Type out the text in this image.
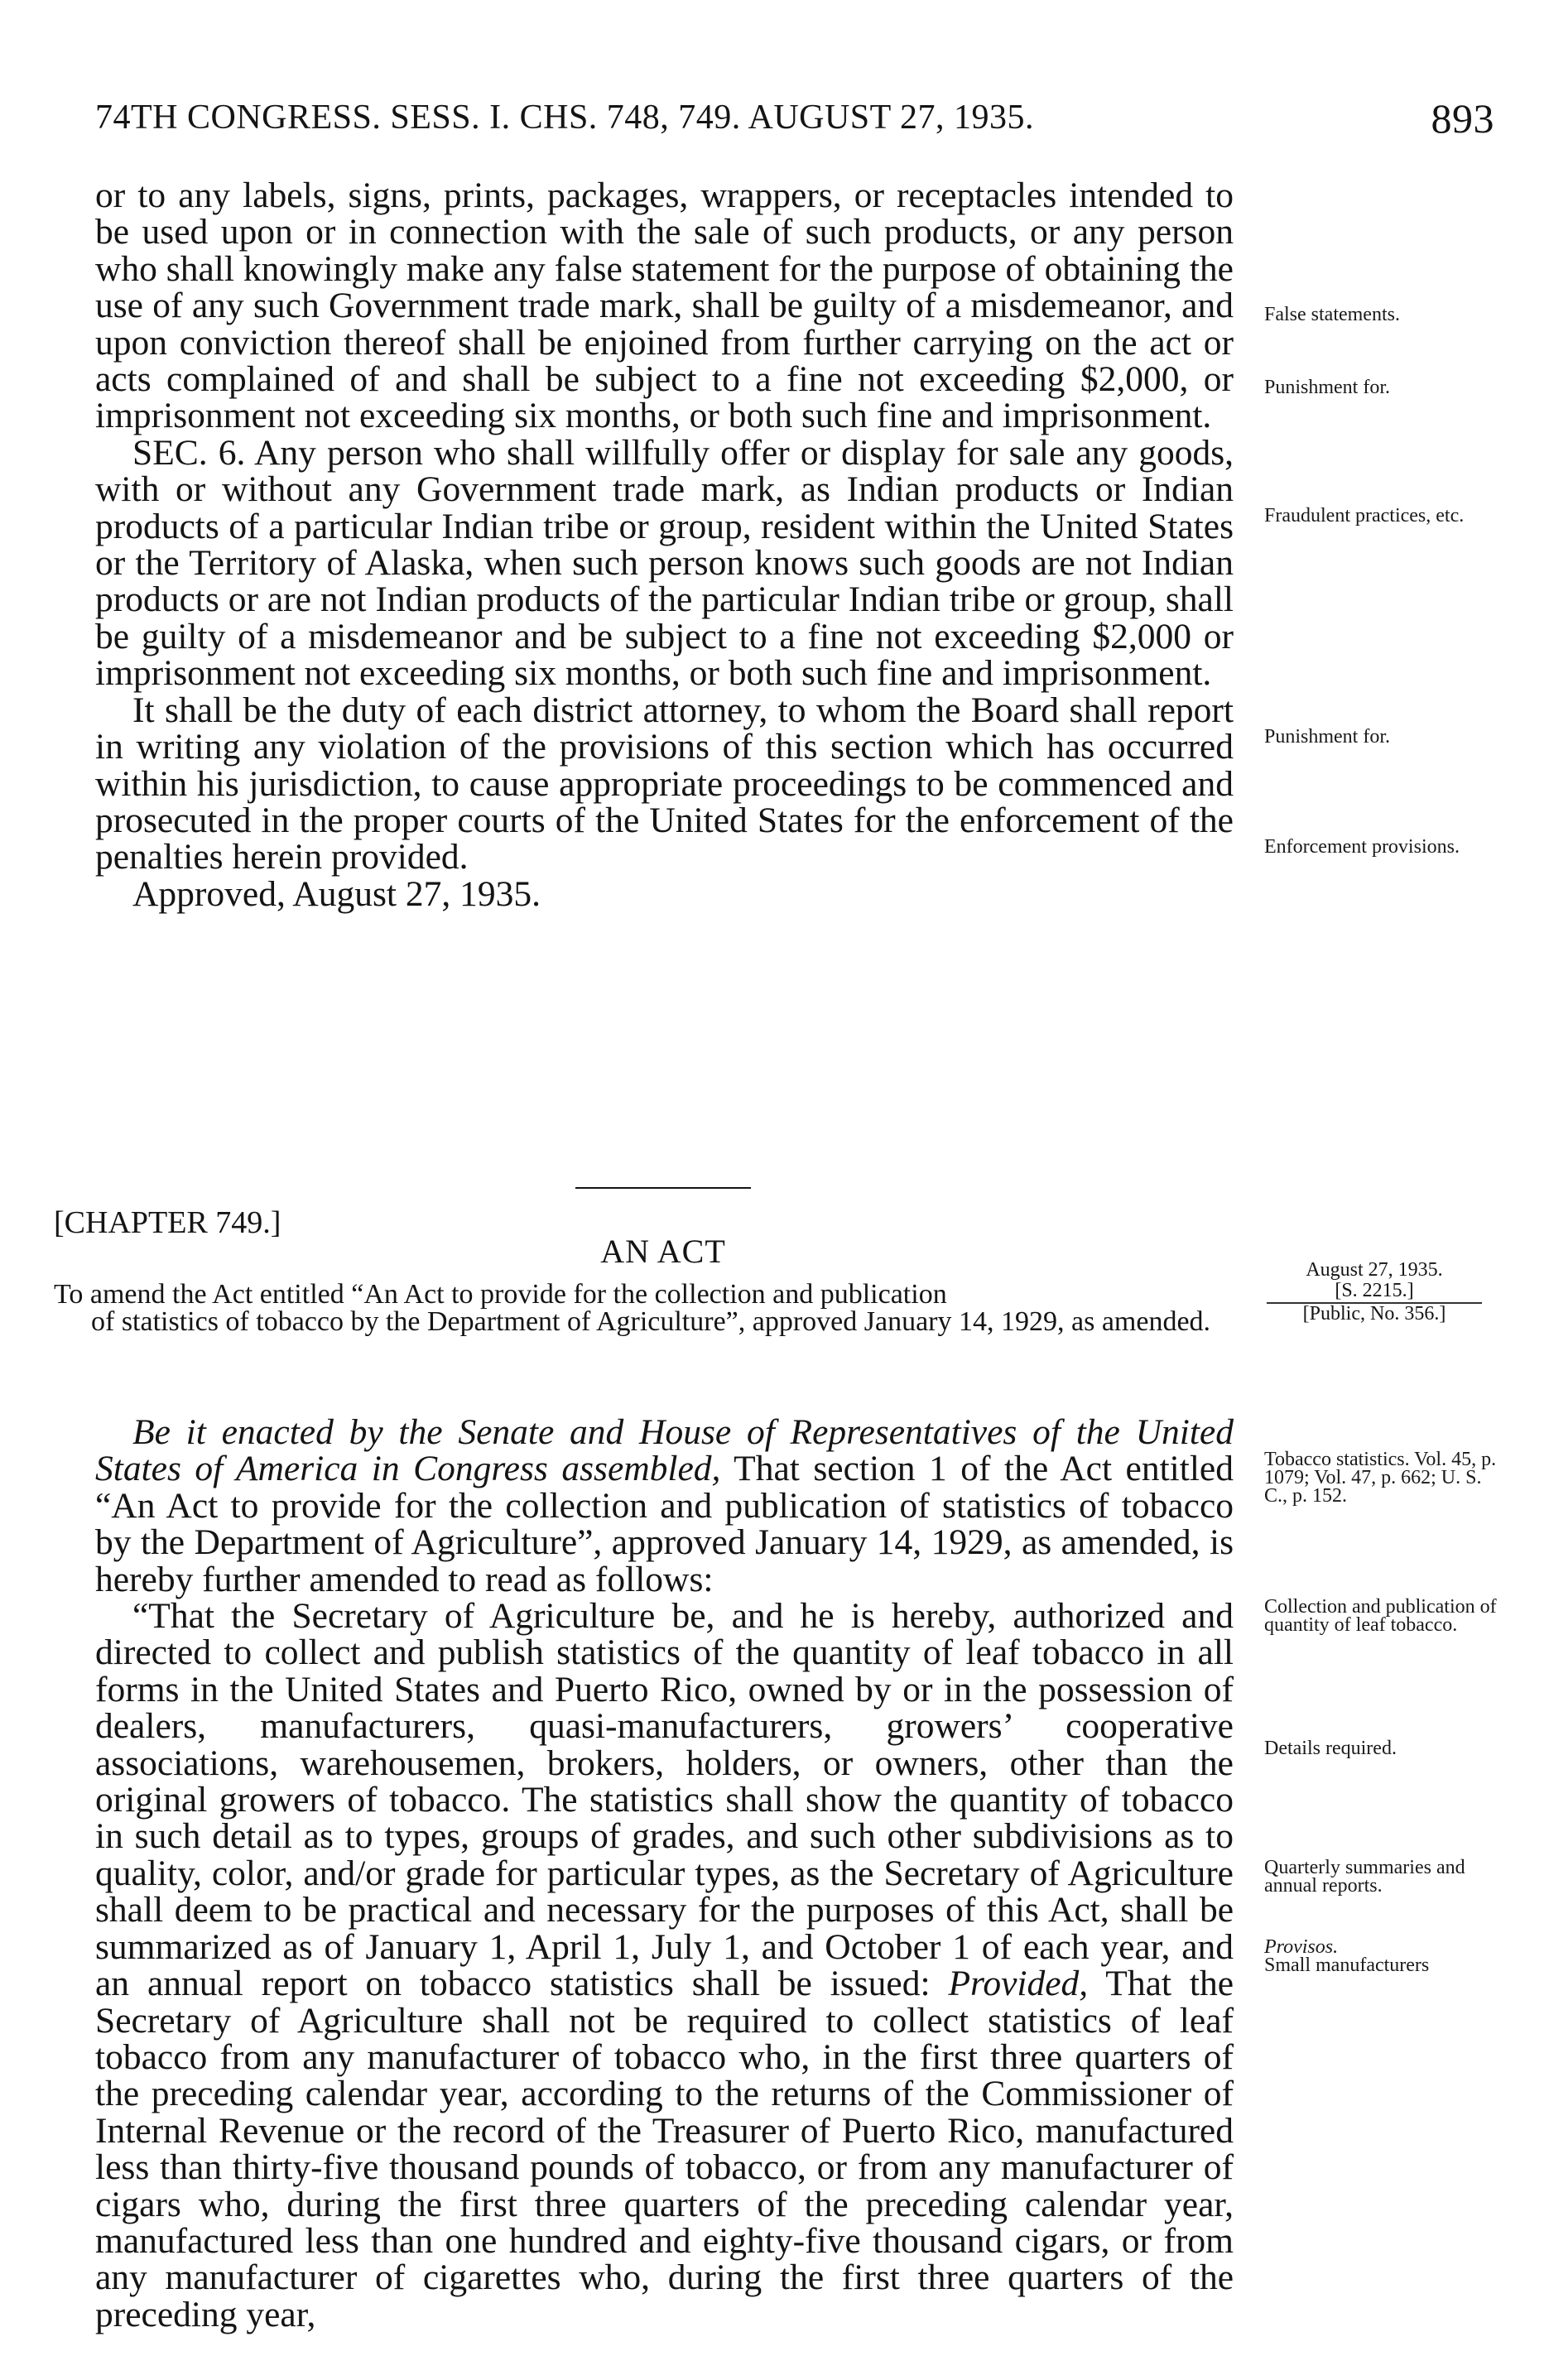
74TH CONGRESS. SESS. I. CHS. 748, 749. AUGUST 27, 1935.	893

or to any labels, signs, prints, packages, wrappers, or receptacles intended to be used upon or in connection with the sale of such products, or any person who shall knowingly make any false statement for the purpose of obtaining the use of any such Government trade mark, shall be guilty of a misdemeanor, and upon conviction thereof shall be enjoined from further carrying on the act or acts complained of and shall be subject to a fine not exceeding $2,000, or imprisonment not exceeding six months, or both such fine and imprisonment.

SEC. 6. Any person who shall willfully offer or display for sale any goods, with or without any Government trade mark, as Indian products or Indian products of a particular Indian tribe or group, resident within the United States or the Territory of Alaska, when such person knows such goods are not Indian products or are not Indian products of the particular Indian tribe or group, shall be guilty of a misdemeanor and be subject to a fine not exceeding $2,000 or imprisonment not exceeding six months, or both such fine and imprisonment.

It shall be the duty of each district attorney, to whom the Board shall report in writing any violation of the provisions of this section which has occurred within his jurisdiction, to cause appropriate proceedings to be commenced and prosecuted in the proper courts of the United States for the enforcement of the penalties herein provided.

Approved, August 27, 1935.
[CHAPTER 749.]
AN ACT
To amend the Act entitled “An Act to provide for the collection and publication
of statistics of tobacco by the Department of Agriculture”, approved January 14, 1929, as amended.

Be it enacted by the Senate and House of Representatives of the United States of America in Congress assembled, That section 1 of the Act entitled “An Act to provide for the collection and publication of statistics of tobacco by the Department of Agriculture”, approved January 14, 1929, as amended, is hereby further amended to read as follows:

“That the Secretary of Agriculture be, and he is hereby, authorized and directed to collect and publish statistics of the quantity of leaf tobacco in all forms in the United States and Puerto Rico, owned by or in the possession of dealers, manufacturers, quasi-manufacturers, growers’ cooperative associations, warehousemen, brokers, holders, or owners, other than the original growers of tobacco. The statistics shall show the quantity of tobacco in such detail as to types, groups of grades, and such other subdivisions as to quality, color, and/or grade for particular types, as the Secretary of Agriculture shall deem to be practical and necessary for the purposes of this Act, shall be summarized as of January 1, April 1, July 1, and October 1 of each year, and an annual report on tobacco statistics shall be issued: Provided, That the Secretary of Agriculture shall not be required to collect statistics of leaf tobacco from any manufacturer of tobacco who, in the first three quarters of the preceding calendar year, according to the returns of the Commissioner of Internal Revenue or the record of the Treasurer of Puerto Rico, manufactured less than thirty-five thousand pounds of tobacco, or from any manufacturer of cigars who, during the first three quarters of the preceding calendar year, manufactured less than one hundred and eighty-five thousand cigars, or from any manufacturer of cigarettes who, during the first three quarters of the preceding year,

False statements.
Punishment for.
Fraudulent practices, etc.
Punishment for.
Enforcement provisions.
August 27, 1935.
[S. 2215.]
[Public, No. 356.]
Tobacco statistics. Vol. 45, p. 1079; Vol. 47, p. 662; U. S. C., p. 152.
Collection and publication of quantity of leaf tobacco.
Details required.
Quarterly summaries and annual reports.
Provisos.
Small manufacturers
